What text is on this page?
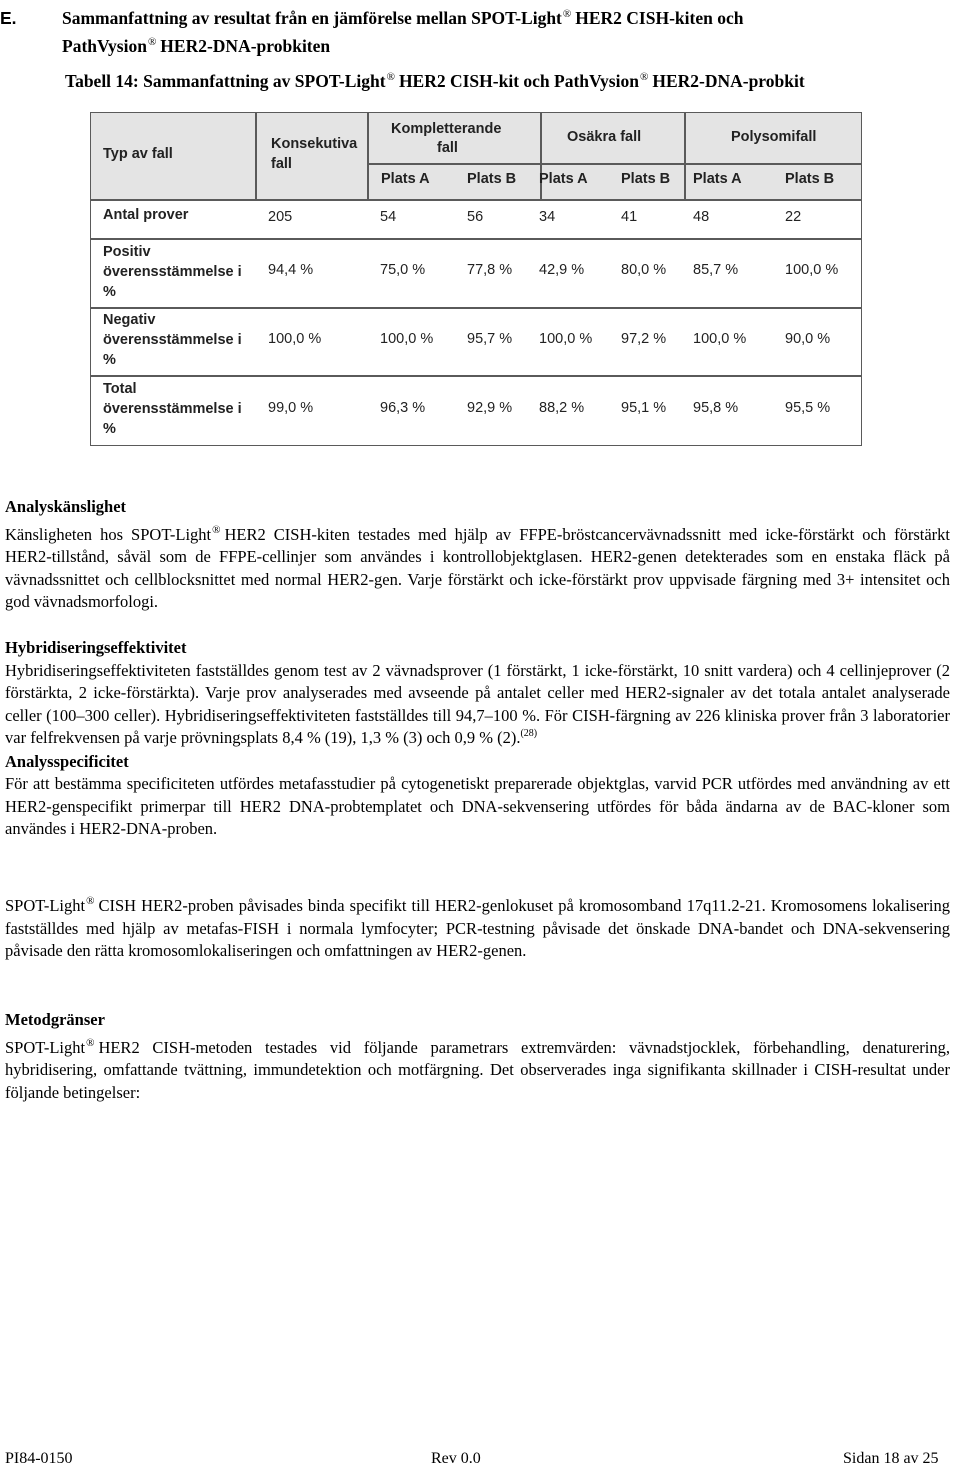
E.	Sammanfattning av resultat från en jämförelse mellan SPOT-Light® HER2 CISH-kiten och
PathVysion® HER2-DNA-probkiten
Tabell 14: Sammanfattning av SPOT-Light® HER2 CISH-kit och PathVysion® HER2-DNA-probkit
Typ av fall
Konsekutiva
fall
Kompletterande
fall
Osäkra fall	Polysomifall
Plats A	Plats B Plats A Plats B Plats A	Plats B
Antal prover	205	54	56	34	41	48	22
Positiv
överensstämmelse i
%
94,4 %	75,0 %	77,8 % 42,9 %	80,0 % 85,7 %	100,0 %
Negativ
överensstämmelse i
%
100,0 %	100,0 % 95,7 % 100,0 % 97,2 % 100,0 %	90,0 %
Total
överensstämmelse i
%
99,0 %	96,3 %	92,9 % 88,2 %	95,1 % 95,8 %	95,5 %
Analyskänslighet

Känsligheten hos SPOT-Light® HER2 CISH-kiten testades med hjälp av FFPE-bröstcancervävnadssnitt med icke-förstärkt och förstärkt HER2-tillstånd, såväl som de FFPE-cellinjer som användes i kontrollobjektglasen. HER2-genen detekterades som en enstaka fläck på vävnadssnittet och cellblocksnittet med normal HER2-gen. Varje förstärkt och icke-förstärkt prov uppvisade färgning med 3+ intensitet och god vävnadsmorfologi.

Hybridiseringseffektivitet

Hybridiseringseffektiviteten fastställdes genom test av 2 vävnadsprover (1 förstärkt, 1 icke-förstärkt, 10 snitt vardera) och 4 cellinjeprover (2 förstärkta, 2 icke-förstärkta). Varje prov analyserades med avseende på antalet celler med HER2-signaler av det totala antalet analyserade celler (100–300 celler). Hybridiseringseffektiviteten fastställdes till 94,7–100 %. För CISH-färgning av 226 kliniska prover från 3 laboratorier var felfrekvensen på varje prövningsplats 8,4 % (19), 1,3 % (3) och 0,9 % (2).$^{(28)}$

Analysspecificitet

För att bestämma specificiteten utfördes metafasstudier på cytogenetiskt preparerade objektglas, varvid PCR utfördes med användning av ett HER2-genspecifikt primerpar till HER2 DNA-probtemplatet och DNA-sekvensering utfördes för båda ändarna av de BAC-kloner som användes i HER2-DNA-proben.

SPOT-Light® CISH HER2-proben påvisades binda specifikt till HER2-genlokuset på kromosomband 17q11.2-21. Kromosomens lokalisering fastställdes med hjälp av metafas-FISH i normala lymfocyter; PCR-testning påvisade det önskade DNA-bandet och DNA-sekvensering påvisade den rätta kromosomlokaliseringen och omfattningen av HER2-genen.

Metodgränser

SPOT-Light® HER2 CISH-metoden testades vid följande parametrars extremvärden: vävnadstjocklek, förbehandling, denaturering, hybridisering, omfattande tvättning, immundetektion och motfärgning. Det observerades inga signifikanta skillnader i CISH-resultat under följande betingelser:

PI84-0150	Rev 0.0	Sidan 18 av 25
